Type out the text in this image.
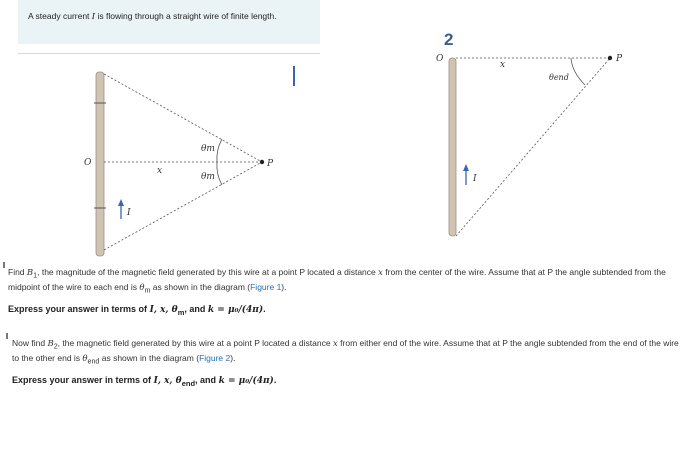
A steady current I is flowing through a straight wire of finite length.
O
x
P
θm
θm
I
O
x
P
θend
I
2

Find $B_1$, the magnitude of the magnetic field generated by this wire at a point P located a distance x from the center of the wire. Assume that at P the angle subtended from the midpoint of the wire to each end is $\theta_m$ as shown in the diagram (Figure 1).

Express your answer in terms of I, x, $\theta_m$, and k = μ₀/(4π).

Now find $B_2$, the magnetic field generated by this wire at a point P located a distance x from either end of the wire. Assume that at P the angle subtended from the end of the wire to the other end is $\theta_{end}$ as shown in the diagram (Figure 2).

Express your answer in terms of I, x, $\theta_{end}$, and k = μ₀/(4π).
